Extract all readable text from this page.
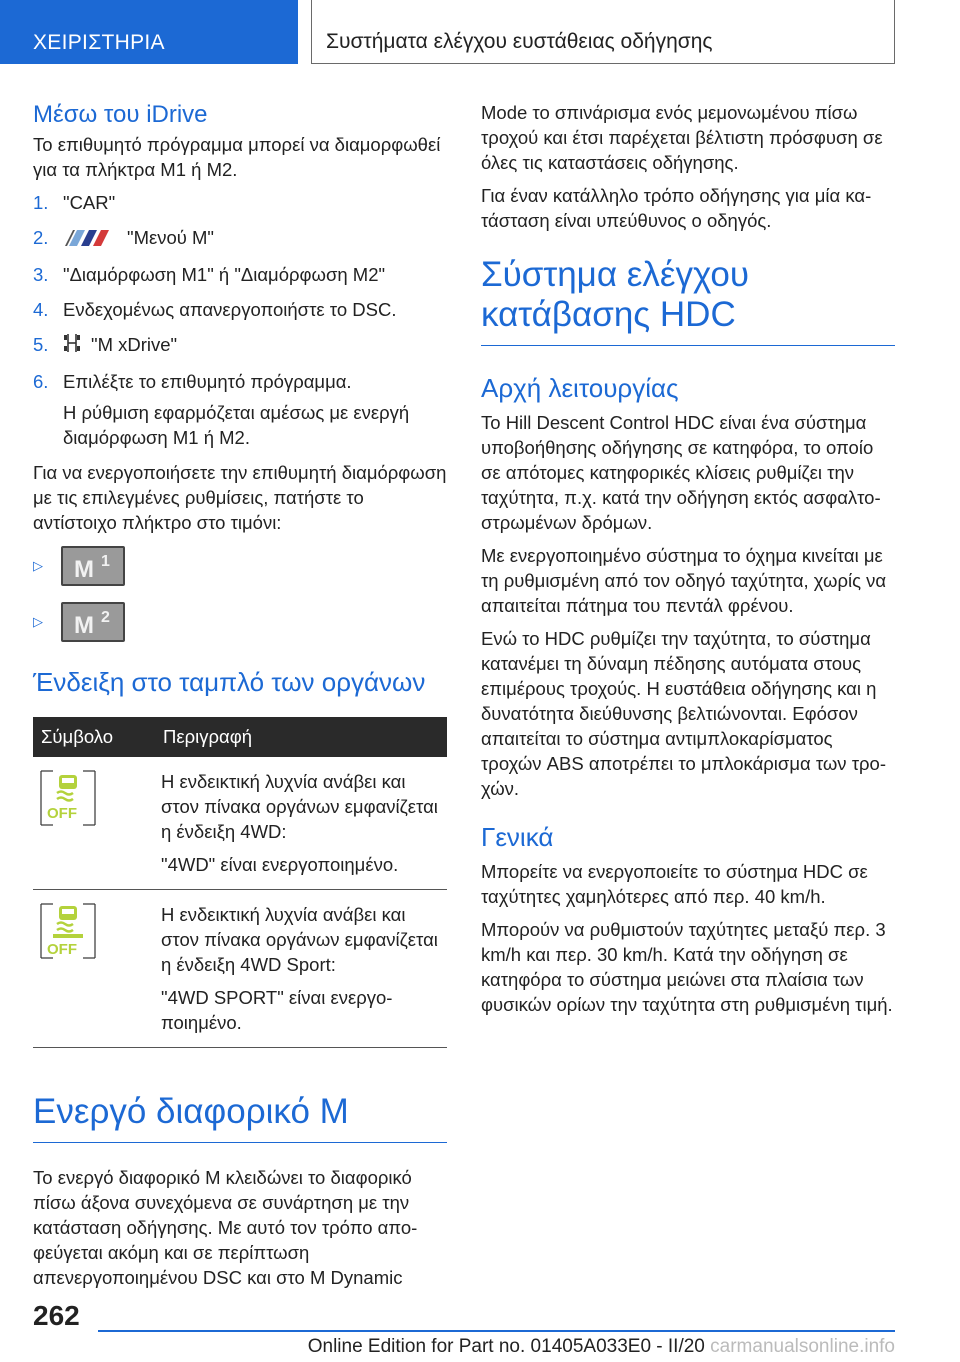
ΧΕΙΡΙΣΤΗΡΙΑ	Συστήματα ελέγχου ευστάθειας οδήγησης
Μέσω του iDrive

Το επιθυμητό πρόγραμμα μπορεί να διαμορφωθεί για τα πλήκτρα M1 ή M2.

1. "CAR"
2.	"Μενού M"
3. "Διαμόρφωση M1" ή "Διαμόρφωση M2"
4. Ενδεχομένως απανεργοποιήστε το DSC.
5.	"M xDrive"
6. Επιλέξτε το επιθυμητό πρόγραμμα.
Η ρύθμιση εφαρμόζεται αμέσως με ενεργή διαμόρφωση M1 ή M2.

Για να ενεργοποιήσετε την επιθυμητή διαμόρφωση με τις επιλεγμένες ρυθμίσεις, πατήστε το αντίστοιχο πλήκτρο στο τιμόνι:

▷	M 1
▷	M 2
Ένδειξη στο ταμπλό των οργάνων
Σύμβολο	Περιγραφή

OFF	Η ενδεικτική λυχνία ανάβει και στον πίνακα οργάνων εμφανίζεται η ένδειξη 4WD:

"4WD" είναι ενεργοποιημένο.

OFF	Η ενδεικτική λυχνία ανάβει και στον πίνακα οργάνων εμφανίζεται η ένδειξη 4WD Sport:

"4WD SPORT" είναι ενεργοποιημένο.

Ενεργό διαφορικό M

Το ενεργό διαφορικό M κλειδώνει το διαφορικό πίσω άξονα συνεχόμενα σε συνάρτηση με την κατάσταση οδήγησης. Με αυτό τον τρόπο αποφεύγεται ακόμη και σε περίπτωση απενεργοποιημένου DSC και στο M Dynamic

Mode το σπινάρισμα ενός μεμονωμένου πίσω τροχού και έτσι παρέχεται βέλτιστη πρόσφυση σε όλες τις καταστάσεις οδήγησης.

Για έναν κατάλληλο τρόπο οδήγησης για μία κατάσταση είναι υπεύθυνος ο οδηγός.

Σύστημα ελέγχου κατάβασης HDC
Αρχή λειτουργίας

Το Hill Descent Control HDC είναι ένα σύστημα υποβοήθησης οδήγησης σε κατηφόρα, το οποίο σε απότομες κατηφορικές κλίσεις ρυθμίζει την ταχύτητα, π.χ. κατά την οδήγηση εκτός ασφαλτοστρωμένων δρόμων.

Με ενεργοποιημένο σύστημα το όχημα κινείται με τη ρυθμισμένη από τον οδηγό ταχύτητα, χωρίς να απαιτείται πάτημα του πεντάλ φρένου.

Ενώ το HDC ρυθμίζει την ταχύτητα, το σύστημα κατανέμει τη δύναμη πέδησης αυτόματα στους επιμέρους τροχούς. Η ευστάθεια οδήγησης και η δυνατότητα διεύθυνσης βελτιώνονται. Εφόσον απαιτείται το σύστημα αντιμπλοκαρίσματος τροχών ABS αποτρέπει το μπλοκάρισμα των τροχών.

Γενικά

Μπορείτε να ενεργοποιείτε το σύστημα HDC σε ταχύτητες χαμηλότερες από περ. 40 km/h.

Μπορούν να ρυθμιστούν ταχύτητες μεταξύ περ. 3 km/h και περ. 30 km/h. Κατά την οδήγηση σε κατηφόρα το σύστημα μειώνει στα πλαίσια των φυσικών ορίων την ταχύτητα στη ρυθμισμένη τιμή.

262
Online Edition for Part no. 01405A033E0 - II/20 carmanualsonline.info
